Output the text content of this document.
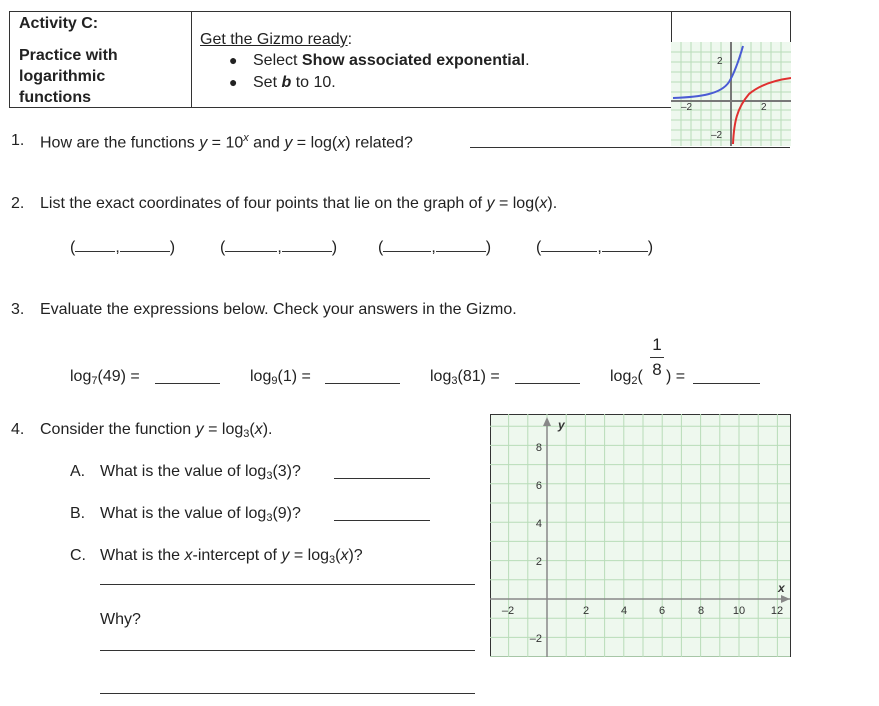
Activity C:
Practice with
logarithmic
functions
Get the Gizmo ready:
● Select Show associated exponential.
● Set b to 10.
–2	2
2
–2
1. How are the functions $y = 10^x$ and y = log(x) related?
2. List the exact coordinates of four points that lie on the graph of y = log(x).
(	,	)	(	,	)	(	,	)	(	,	)
3. Evaluate the expressions below. Check your answers in the Gizmo.
$\log_7(49)$ =	$\log_9(1)$ =	$\log_3(81)$ =	$\log_2$(
1
8 ) =
4. Consider the function $y = \log_3(x)$.
A. What is the value of $\log_3(3)$?
B. What is the value of $\log_3(9)$?
C. What is the x-intercept of $y = \log_3(x)$?
Why?
y
x
–2	2	4	6	8	10 12
8
6
4
2
–2
